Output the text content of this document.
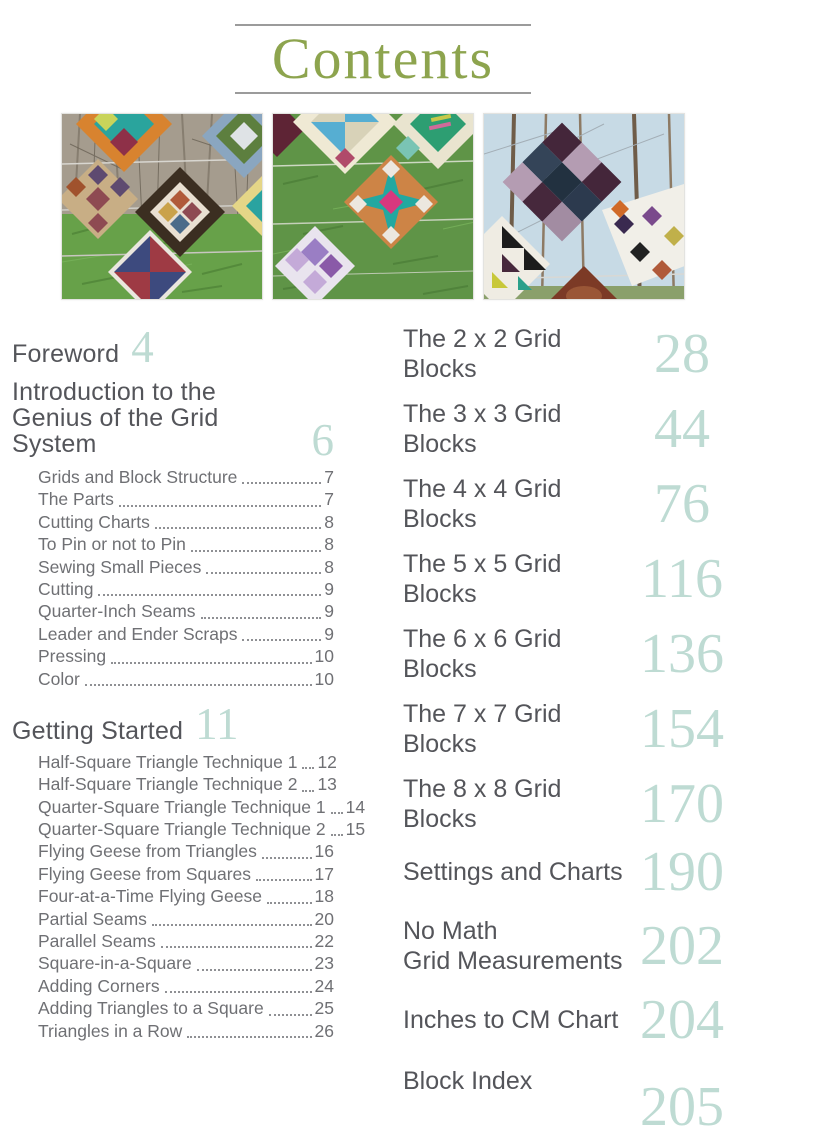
Contents
Foreword 4
Introduction to the
Genius of the Grid System	6
Grids and Block Structure	7
The Parts	7
Cutting Charts	8
To Pin or not to Pin	8
Sewing Small Pieces	8
Cutting	9
Quarter-Inch Seams	9
Leader and Ender Scraps	9
Pressing	10
Color	10
Getting Started 11
Half-Square Triangle Technique 1 12
Half-Square Triangle Technique 2 13
Quarter-Square Triangle Technique 1 14
Quarter-Square Triangle Technique 2 15
Flying Geese from Triangles	16
Flying Geese from Squares	17
Four-at-a-Time Flying Geese	18
Partial Seams	20
Parallel Seams	22
Square-in-a-Square	23
Adding Corners	24
Adding Triangles to a Square	25
Triangles in a Row	26
The 2 x 2 Grid Blocks	28
The 3 x 3 Grid Blocks	44
The 4 x 4 Grid Blocks	76
The 5 x 5 Grid Blocks	116
The 6 x 6 Grid Blocks	136
The 7 x 7 Grid Blocks	154
The 8 x 8 Grid Blocks	170
Settings and Charts 190
No Math
Grid Measurements 202
Inches to CM Chart 204
Block Index	205
